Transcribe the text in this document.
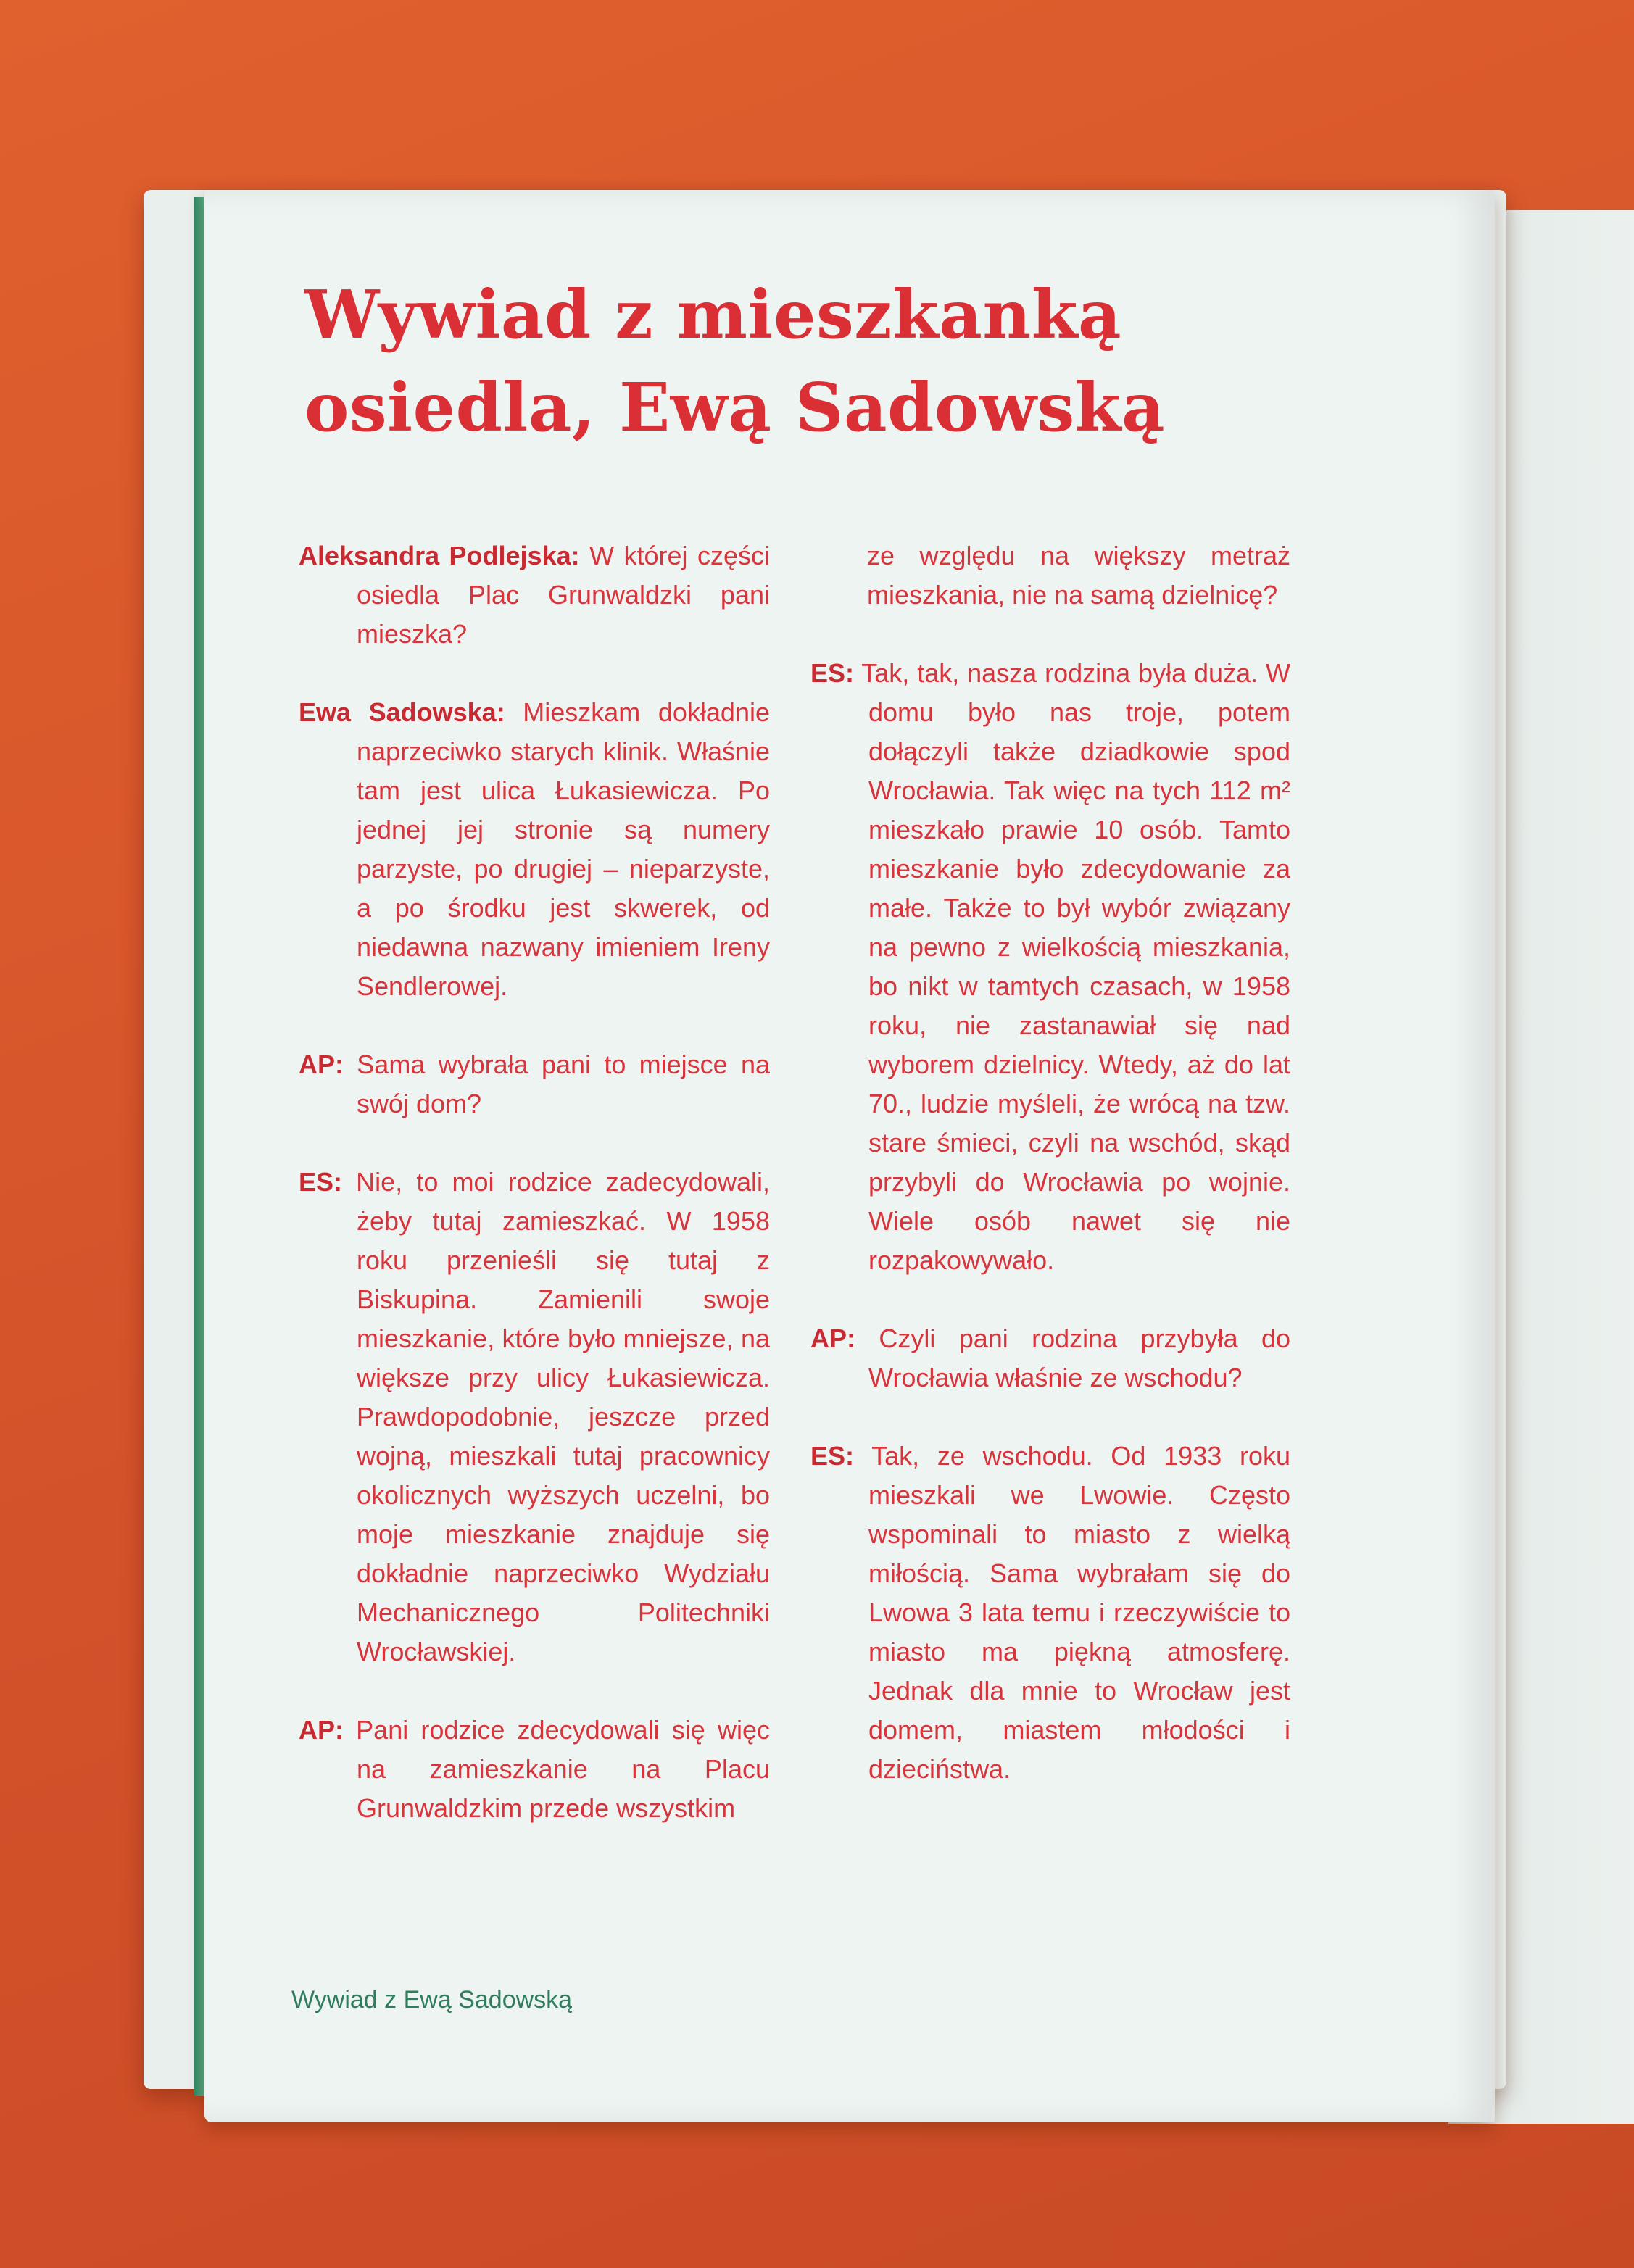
Wywiad z mieszkanką
osiedla, Ewą Sadowską

Aleksandra Podlejska: W której części osiedla Plac Grunwaldzki pani mieszka?

Ewa Sadowska: Mieszkam dokładnie naprzeciwko starych klinik. Właśnie tam jest ulica Łukasiewicza. Po jednej jej stronie są numery parzyste, po drugiej – nieparzyste, a po środku jest skwerek, od niedawna nazwany imieniem Ireny Sendlerowej.

AP: Sama wybrała pani to miejsce na swój dom?

ES: Nie, to moi rodzice zadecydowali, żeby tutaj zamieszkać. W 1958 roku przenieśli się tutaj z Biskupina. Zamienili swoje mieszkanie, które było mniejsze, na większe przy ulicy Łukasiewicza. Prawdopodobnie, jeszcze przed wojną, mieszkali tutaj pracownicy okolicznych wyższych uczelni, bo moje mieszkanie znajduje się dokładnie naprzeciwko Wydziału Mechanicznego Politechniki Wrocławskiej.

AP: Pani rodzice zdecydowali się więc na zamieszkanie na Placu Grunwaldzkim przede wszystkim

ze względu na większy metraż mieszkania, nie na samą dzielnicę?

ES: Tak, tak, nasza rodzina była duża. W domu było nas troje, potem dołączyli także dziadkowie spod Wrocławia. Tak więc na tych 112 m² mieszkało prawie 10 osób. Tamto mieszkanie było zdecydowanie za małe. Także to był wybór związany na pewno z wielkością mieszkania, bo nikt w tamtych czasach, w 1958 roku, nie zastanawiał się nad wyborem dzielnicy. Wtedy, aż do lat 70., ludzie myśleli, że wrócą na tzw. stare śmieci, czyli na wschód, skąd przybyli do Wrocławia po wojnie. Wiele osób nawet się nie rozpakowywało.

AP: Czyli pani rodzina przybyła do Wrocławia właśnie ze wschodu?

ES: Tak, ze wschodu. Od 1933 roku mieszkali we Lwowie. Często wspominali to miasto z wielką miłością. Sama wybrałam się do Lwowa 3 lata temu i rzeczywiście to miasto ma piękną atmosferę. Jednak dla mnie to Wrocław jest domem, miastem młodości i dzieciństwa.

Wywiad z Ewą Sadowską
